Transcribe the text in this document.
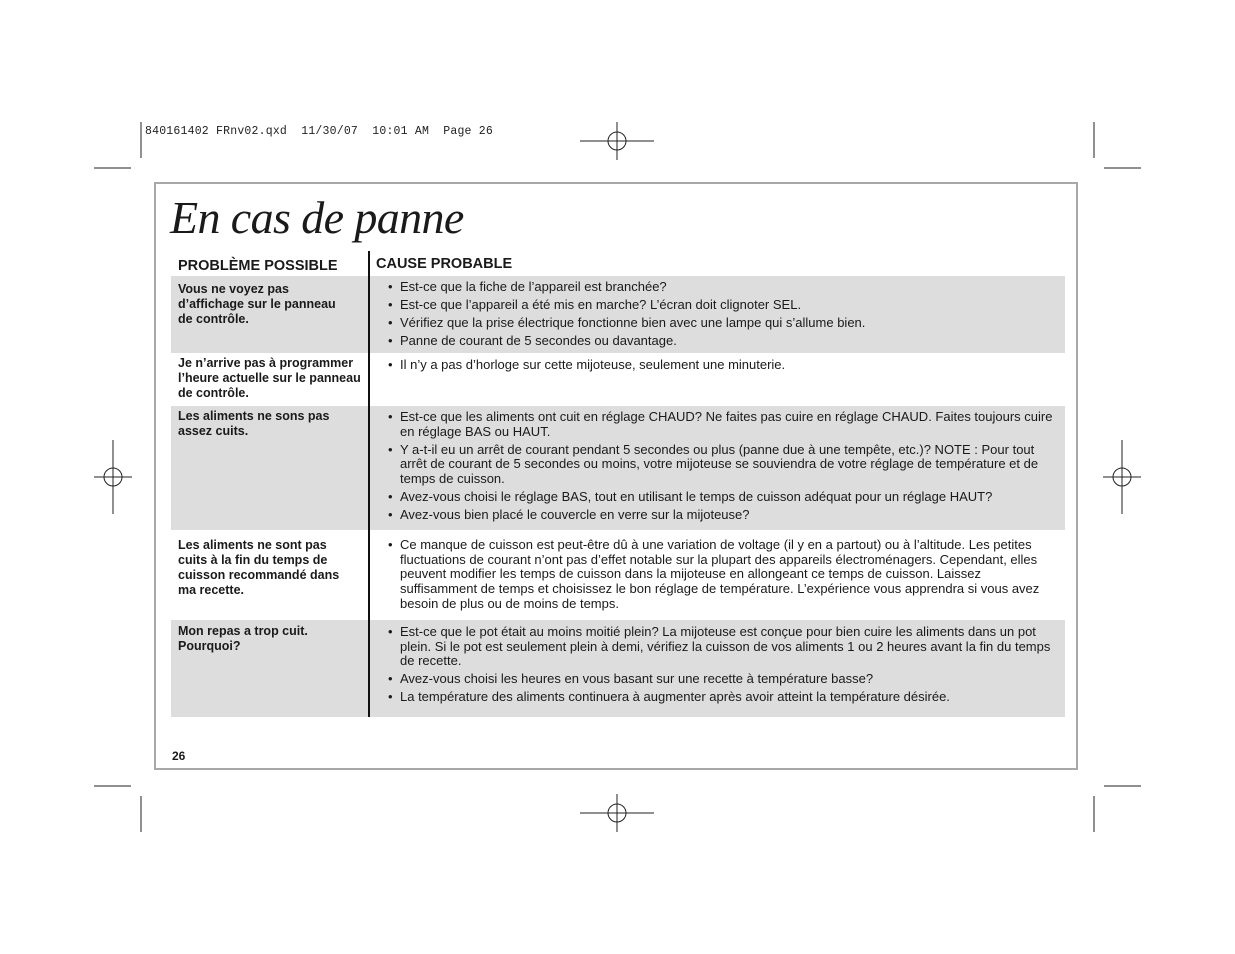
840161402 FRnv02.qxd  11/30/07  10:01 AM  Page 26
En cas de panne
PROBLÈME POSSIBLE	CAUSE PROBABLE
Vous ne voyez pas d’affichage sur le panneau de contrôle.
• Est-ce que la fiche de l’appareil est branchée?
• Est-ce que l’appareil a été mis en marche? L’écran doit clignoter SEL.
• Vérifiez que la prise électrique fonctionne bien avec une lampe qui s’allume bien.
• Panne de courant de 5 secondes ou davantage.
Je n’arrive pas à programmer l’heure actuelle sur le panneau de contrôle.
• Il n’y a pas d’horloge sur cette mijoteuse, seulement une minuterie.
Les aliments ne sons pas assez cuits.
• Est-ce que les aliments ont cuit en réglage CHAUD? Ne faites pas cuire en réglage CHAUD. Faites toujours cuire en réglage BAS ou HAUT.
• Y a-t-il eu un arrêt de courant pendant 5 secondes ou plus (panne due à une tempête, etc.)? NOTE : Pour tout arrêt de courant de 5 secondes ou moins, votre mijoteuse se souviendra de votre réglage de température et de temps de cuisson.
• Avez-vous choisi le réglage BAS, tout en utilisant le temps de cuisson adéquat pour un réglage HAUT?
• Avez-vous bien placé le couvercle en verre sur la mijoteuse?
Les aliments ne sont pas cuits à la fin du temps de cuisson recommandé dans ma recette.
• Ce manque de cuisson est peut-être dû à une variation de voltage (il y en a partout) ou à l’altitude. Les petites fluctuations de courant n’ont pas d’effet notable sur la plupart des appareils électroménagers. Cependant, elles peuvent modifier les temps de cuisson dans la mijoteuse en allongeant ce temps de cuisson. Laissez suffisamment de temps et choisissez le bon réglage de température. L’expérience vous apprendra si vous avez besoin de plus ou de moins de temps.
Mon repas a trop cuit. Pourquoi?
• Est-ce que le pot était au moins moitié plein? La mijoteuse est conçue pour bien cuire les aliments dans un pot plein. Si le pot est seulement plein à demi, vérifiez la cuisson de vos aliments 1 ou 2 heures avant la fin du temps de recette.
• Avez-vous choisi les heures en vous basant sur une recette à température basse?
• La température des aliments continuera à augmenter après avoir atteint la température désirée.
26
